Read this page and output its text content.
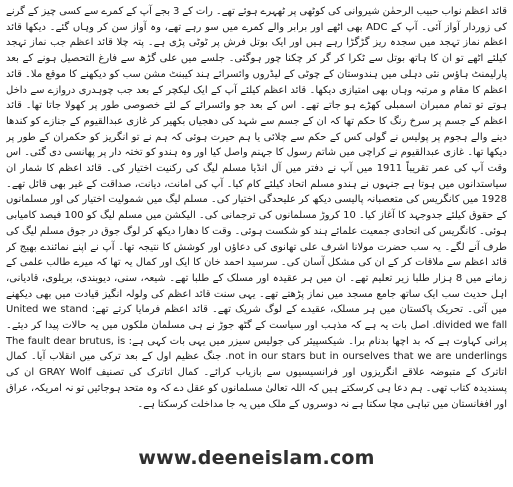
قائد اعظم نواب حبیب الرحمٰن شیروانی کی کوٹھی پر ٹھہرے ہوئے تھے۔ رات کے 3 بجے آپ کے کمرے سے کسی چیز کے گرنے کی زوردار آواز آئی۔ آپ کے ADC بھی اٹھے اور برابر والے کمرے میں سو رہے تھے، وہ آواز سن کر وہاں گئے۔ دیکھا قائد اعظم نماز تہجد میں سجدہ ریز گڑگڑا رہے ہیں اور ایک بوتل فرش پر ٹوٹی پڑی ہے۔ پتہ چلا قائد اعظم جب نماز تہجد کیلئے اٹھے تو ان کا ہاتھ بوتل سے ٹکرا کر گر کر چکنا چور ہوگئی۔ جلسے میں علی گڑھ سے فارغ التحصیل ہونے کے بعد پارلیمنٹ ہاؤس نئی دہلی میں ہندوستان کے چوٹی کے لیڈروں وائسرائے ہند کیبنٹ مشن سب کو دیکھنے کا موقع ملا۔ قائد اعظم کا مقام و مرتبہ وہاں بھی امتیازی دیکھا۔ قائد اعظم کیلئے آپ کے ایک لیکچر کے بعد جب چوہدری دروازے سے داخل ہوتے تو تمام ممبران اسمبلی کھڑے ہو جاتے تھے۔ اس کے بعد جو وائسرائے کے لئے خصوصی طور پر کھولا جاتا تھا۔ قائد اعظم کے جسم پر سرخ رنگ کا حکم تھا کہ ان کے جسم سے شہد کی دھجیاں بکھیر کر غازی عبدالقیوم کے جنازے کو کندھا دینے والے ہجوم پر پولیس نے گولی کس کے حکم سے چلائی یا ہم حیرت ہوئی کہ ہم نے تو انگریز کو حکمران کے طور پر دیکھا تھا۔ غازی عبدالقیوم نے کراچی میں شاتم رسول کا جہنم واصل کیا اور وہ ہندو کو تختہ دار پر پھانسی دی گئی۔ اس وقت آپ کی عمر تقریباً 1911 میں آپ نے دفتر میں آل انڈیا مسلم لیگ کی رکنیت اختیار کی۔ قائد اعظم کا شمار ان سیاستدانوں میں ہوتا ہے جنہوں نے ہندو مسلم اتحاد کیلئے کام کیا۔ آپ کی امانت، دیانت، صداقت کے غیر بھی قائل تھے۔ 1928 میں کانگریس کی متعصبانہ پالیسی دیکھ کر علیحدگی اختیار کی۔ مسلم لیگ میں شمولیت اختیار کی اور مسلمانوں کے حقوق کیلئے جدوجہد کا آغاز کیا۔ 10 کروڑ مسلمانوں کی ترجمانی کی۔ الیکشن میں مسلم لیگ کو 100 فیصد کامیابی ہوئی۔ کانگریس کی اتحادی جمعیت علمائے ہند کو شکست ہوئی۔ وقت کا دھارا دیکھ کر لوگ جوق در جوق مسلم لیگ کی طرف آنے لگے۔ یہ سب حضرت مولانا اشرف علی تھانوی کی دعاؤں اور کوشش کا نتیجہ تھا۔ آپ نے اپنے نمائندے بھیج کر قائد اعظم سے ملاقات کر کے ان کی مشکل آسان کی۔ سرسید احمد خان کا ایک اور کمال یہ تھا کہ میرے طالب علمی کے زمانے میں 8 ہزار طلبا زیر تعلیم تھے۔ ان میں ہر عقیدہ اور مسلک کے طلبا تھے۔ شیعہ، سنی، دیوبندی، بریلوی، قادیانی، اہل حدیث سب ایک ساتھ جامع مسجد میں نماز پڑھتے تھے۔ یہی سنت قائد اعظم کی ولولہ انگیز قیادت میں بھی دیکھنے میں آئی۔ تحریک پاکستان میں ہر مسلک، عقیدے کے لوگ شریک تھے۔ قائد اعظم فرمایا کرتے تھے: United we stand divided we fall. اصل بات یہ ہے کہ مذہب اور سیاست کے گٹھ جوڑ نے ہی مسلمان ملکوں میں یہ حالات پیدا کر دیئے۔ پرانی کہاوت ہے کہ بد اچھا بدنام برا۔ شیکسپیئر کی جولیس سیزر میں یہی بات کہی ہے: The fault dear brutus, is not in our stars but in ourselves that we are underlings. جنگ عظیم اول کے بعد ترکی میں انقلاب آیا۔ کمال اتاترک کے متبوضہ علاقے انگریزوں اور فرانسیسیوں سے بازیاب کرائے۔ کمال اتاترک کی تصنیف GRAY Wolf ان کی پسندیدہ کتاب تھی۔ ہم دعا ہی کرسکتے ہیں کہ اللہ تعالیٰ مسلمانوں کو عقل دے کہ وہ متحد ہوجائیں تو نہ امریکہ، عراق اور افغانستان میں تباہی مچا سکتا ہے نہ دوسروں کے ملک میں یہ جا مداخلت کرسکتا ہے۔

www.deeneislam.com
